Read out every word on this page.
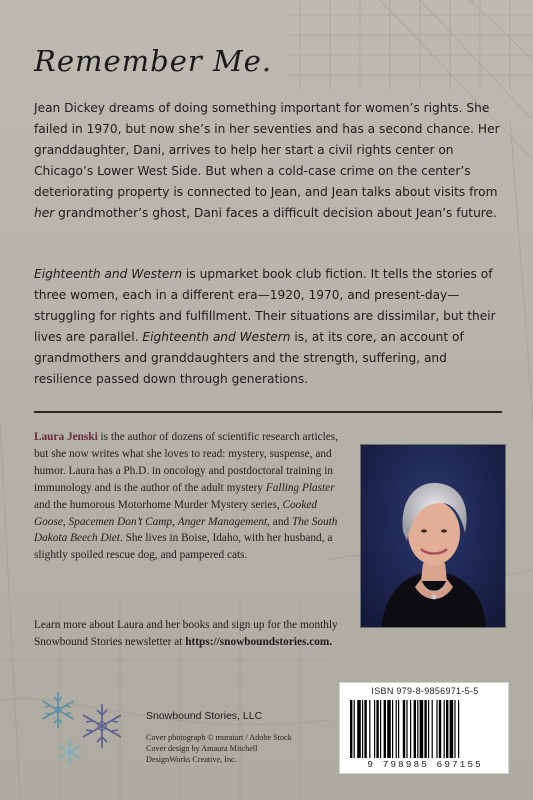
Remember Me.

Jean Dickey dreams of doing something important for women’s rights. She failed in 1970, but now she’s in her seventies and has a second chance. Her granddaughter, Dani, arrives to help her start a civil rights center on Chicago’s Lower West Side. But when a cold-case crime on the center’s deteriorating property is connected to Jean, and Jean talks about visits from her grandmother’s ghost, Dani faces a difficult decision about Jean’s future.

Eighteenth and Western is upmarket book club fiction. It tells the stories of three women, each in a different era—1920, 1970, and present-day—struggling for rights and fulfillment. Their situations are dissimilar, but their lives are parallel. Eighteenth and Western is, at its core, an account of grandmothers and granddaughters and the strength, suffering, and resilience passed down through generations.

Laura Jenski is the author of dozens of scientific research articles, but she now writes what she loves to read: mystery, suspense, and humor. Laura has a Ph.D. in oncology and postdoctoral training in immunology and is the author of the adult mystery Falling Plaster and the humorous Motorhome Murder Mystery series, Cooked Goose, Spacemen Don’t Camp, Anger Management, and The South Dakota Beech Diet. She lives in Boise, Idaho, with her husband, a slightly spoiled rescue dog, and pampered cats.

Learn more about Laura and her books and sign up for the monthly Snowbound Stories newsletter at https://snowboundstories.com.

Snowbound Stories, LLC
Cover photograph © muratart / Adobe Stock
Cover design by Amaura Mitchell
DesignWorks Creative, Inc.
ISBN 979-8-9856971-5-5
9 798985 697155
